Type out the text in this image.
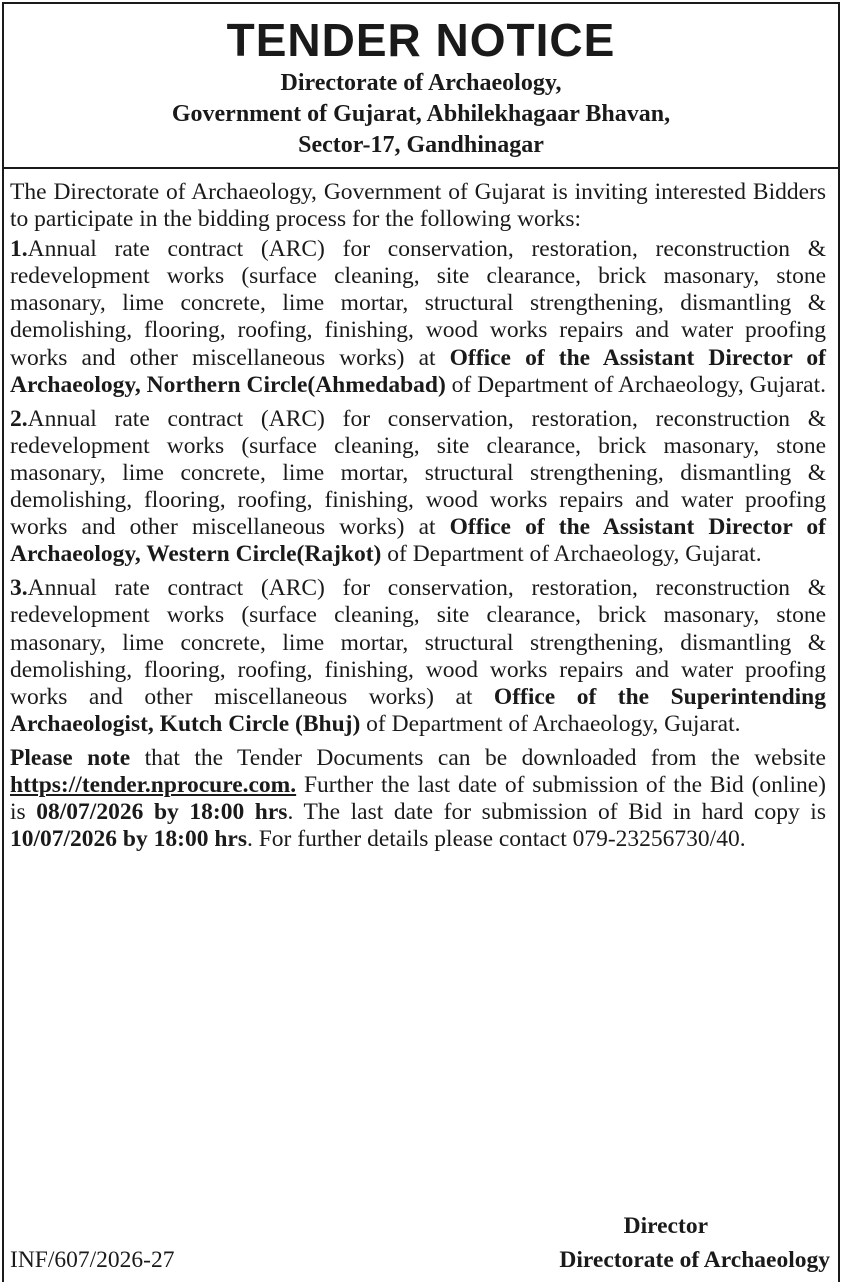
TENDER NOTICE
Directorate of Archaeology,
Government of Gujarat, Abhilekhagaar Bhavan,
Sector-17, Gandhinagar

The Directorate of Archaeology, Government of Gujarat is inviting interested Bidders to participate in the bidding process for the following works:

1.Annual rate contract (ARC) for conservation, restoration, reconstruction & redevelopment works (surface cleaning, site clearance, brick masonary, stone masonary, lime concrete, lime mortar, structural strengthening, dismantling & demolishing, flooring, roofing, finishing, wood works repairs and water proofing works and other miscellaneous works) at Office of the Assistant Director of Archaeology, Northern Circle(Ahmedabad) of Department of Archaeology, Gujarat.

2.Annual rate contract (ARC) for conservation, restoration, reconstruction & redevelopment works (surface cleaning, site clearance, brick masonary, stone masonary, lime concrete, lime mortar, structural strengthening, dismantling & demolishing, flooring, roofing, finishing, wood works repairs and water proofing works and other miscellaneous works) at Office of the Assistant Director of Archaeology, Western Circle(Rajkot) of Department of Archaeology, Gujarat.

3.Annual rate contract (ARC) for conservation, restoration, reconstruction & redevelopment works (surface cleaning, site clearance, brick masonary, stone masonary, lime concrete, lime mortar, structural strengthening, dismantling & demolishing, flooring, roofing, finishing, wood works repairs and water proofing works and other miscellaneous works) at Office of the Superintending Archaeologist, Kutch Circle (Bhuj) of Department of Archaeology, Gujarat.

Please note that the Tender Documents can be downloaded from the website https://tender.nprocure.com. Further the last date of submission of the Bid (online) is 08/07/2026 by 18:00 hrs. The last date for submission of Bid in hard copy is 10/07/2026 by 18:00 hrs. For further details please contact 079-23256730/40.

Director
INF/607/2026-27	Directorate of Archaeology
